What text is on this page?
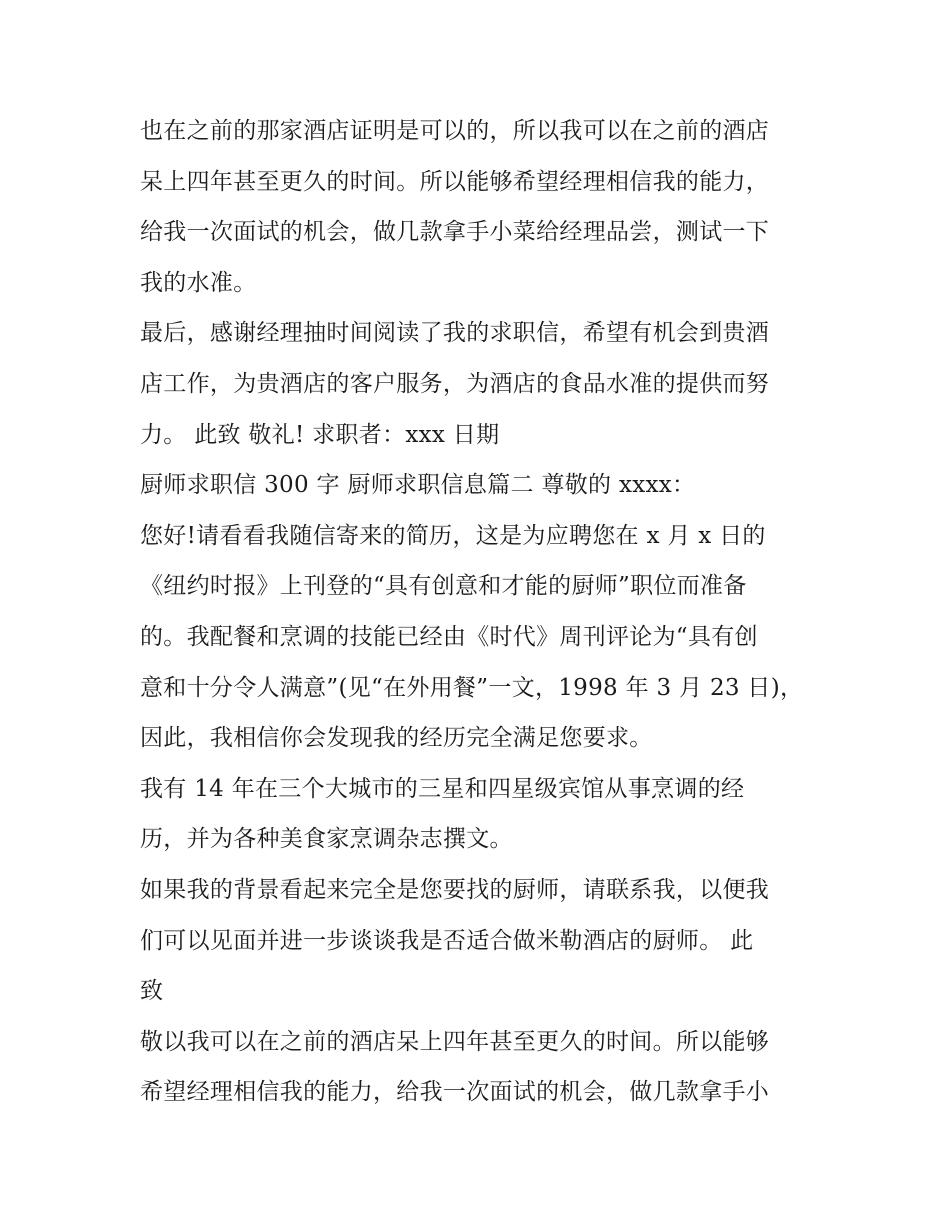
也在之前的那家酒店证明是可以的，所以我可以在之前的酒店
呆上四年甚至更久的时间。所以能够希望经理相信我的能力，
给我一次面试的机会，做几款拿手小菜给经理品尝，测试一下
我的水准。
最后，感谢经理抽时间阅读了我的求职信，希望有机会到贵酒
店工作，为贵酒店的客户服务，为酒店的食品水准的提供而努
力。 此致 敬礼! 求职者：xxx 日期
厨师求职信 300 字 厨师求职信息篇二 尊敬的 xxxx：
您好!请看看我随信寄来的简历，这是为应聘您在 x 月 x 日的
《纽约时报》上刊登的“具有创意和才能的厨师”职位而准备
的。我配餐和烹调的技能已经由《时代》周刊评论为“具有创
意和十分令人满意”(见“在外用餐”一文，1998 年 3 月 23 日)，
因此，我相信你会发现我的经历完全满足您要求。
我有 14 年在三个大城市的三星和四星级宾馆从事烹调的经
历，并为各种美食家烹调杂志撰文。
如果我的背景看起来完全是您要找的厨师，请联系我，以便我
们可以见面并进一步谈谈我是否适合做米勒酒店的厨师。 此
致
敬以我可以在之前的酒店呆上四年甚至更久的时间。所以能够
希望经理相信我的能力，给我一次面试的机会，做几款拿手小
